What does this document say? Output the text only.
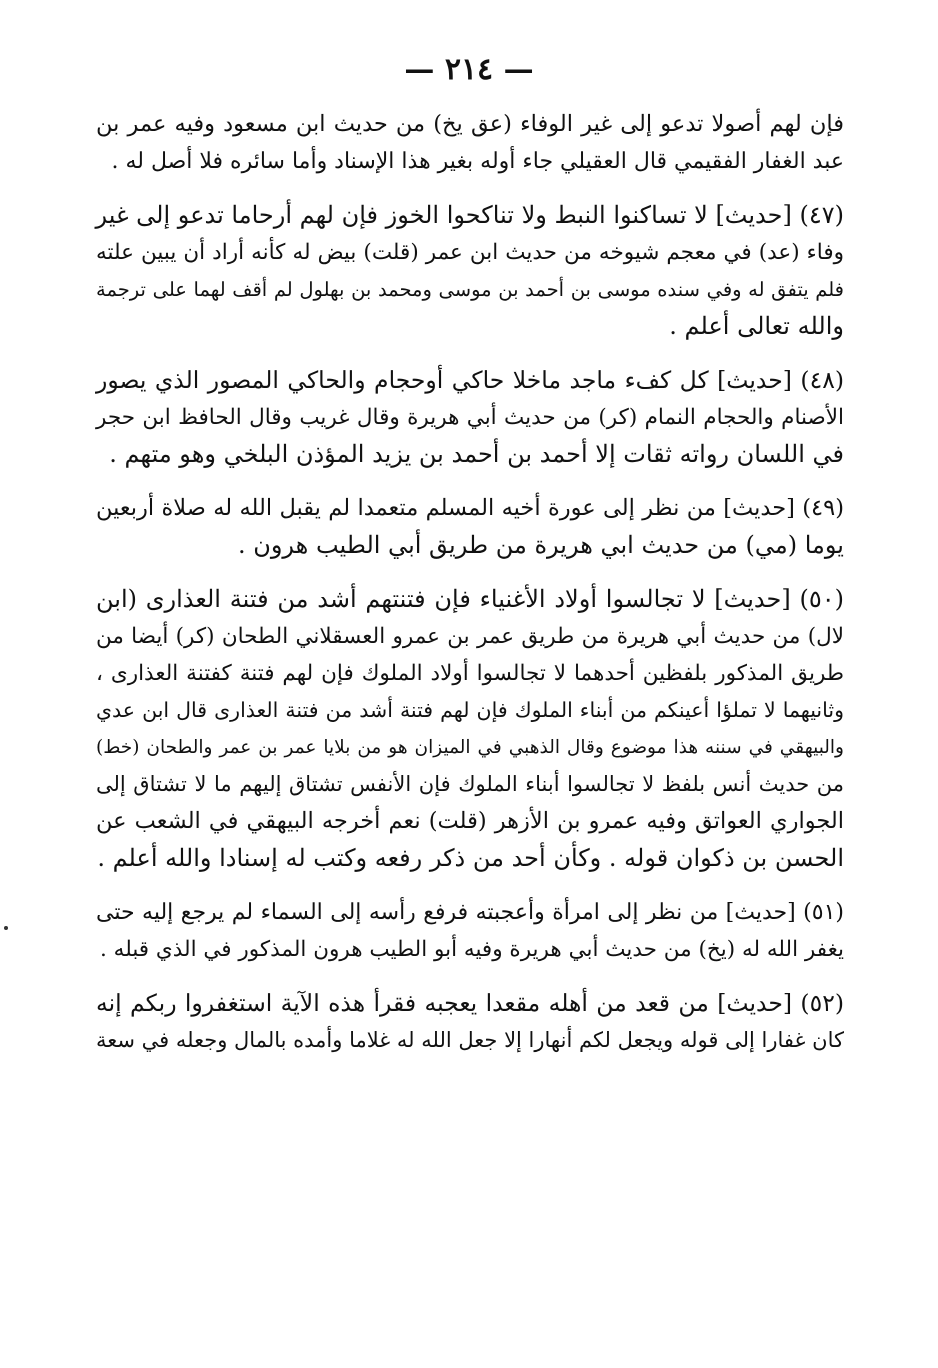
— ٢١٤ —
فإن لهم أصولا تدعو إلى غير الوفاء (عق يخ) من حديث ابن مسعود وفيه عمر بن
عبد الغفار الفقيمي قال العقيلي جاء أوله بغير هذا الإسناد وأما سائره فلا أصل له .
(٤٧) [حديث] لا تساكنوا النبط ولا تناكحوا الخوز فإن لهم أرحاما تدعو إلى غير
وفاء (عد) في معجم شيوخه من حديث ابن عمر (قلت) بيض له كأنه أراد أن يبين علته
فلم يتفق له وفي سنده موسى بن أحمد بن موسى ومحمد بن بهلول لم أقف لهما على ترجمة
والله تعالى أعلم .
(٤٨) [حديث] كل كفء ماجد ماخلا حاكي أوحجام والحاكي المصور الذي يصور
الأصنام والحجام النمام (كر) من حديث أبي هريرة وقال غريب وقال الحافظ ابن حجر
في اللسان رواته ثقات إلا أحمد بن أحمد بن يزيد المؤذن البلخي وهو متهم .
(٤٩) [حديث] من نظر إلى عورة أخيه المسلم متعمدا لم يقبل الله له صلاة أربعين
يوما (مي) من حديث ابي هريرة من طريق أبي الطيب هرون .
(٥٠) [حديث] لا تجالسوا أولاد الأغنياء فإن فتنتهم أشد من فتنة العذارى (ابن
لال) من حديث أبي هريرة من طريق عمر بن عمرو العسقلاني الطحان (كر) أيضا من
طريق المذكور بلفظين أحدهما لا تجالسوا أولاد الملوك فإن لهم فتنة كفتنة العذارى ،
وثانيهما لا تملؤا أعينكم من أبناء الملوك فإن لهم فتنة أشد من فتنة العذارى قال ابن عدي
والبيهقي في سننه هذا موضوع وقال الذهبي في الميزان هو من بلايا عمر بن عمر والطحان (خط)
من حديث أنس بلفظ لا تجالسوا أبناء الملوك فإن الأنفس تشتاق إليهم ما لا تشتاق إلى
الجواري العواتق وفيه عمرو بن الأزهر (قلت) نعم أخرجه البيهقي في الشعب عن
الحسن بن ذكوان قوله . وكأن أحد من ذكر رفعه وكتب له إسنادا والله أعلم .
(٥١) [حديث] من نظر إلى امرأة وأعجبته فرفع رأسه إلى السماء لم يرجع إليه حتى
يغفر الله له (يخ) من حديث أبي هريرة وفيه أبو الطيب هرون المذكور في الذي قبله .
(٥٢) [حديث] من قعد من أهله مقعدا يعجبه فقرأ هذه الآية استغفروا ربكم إنه
كان غفارا إلى قوله ويجعل لكم أنهارا إلا جعل الله له غلاما وأمده بالمال وجعله في سعة
